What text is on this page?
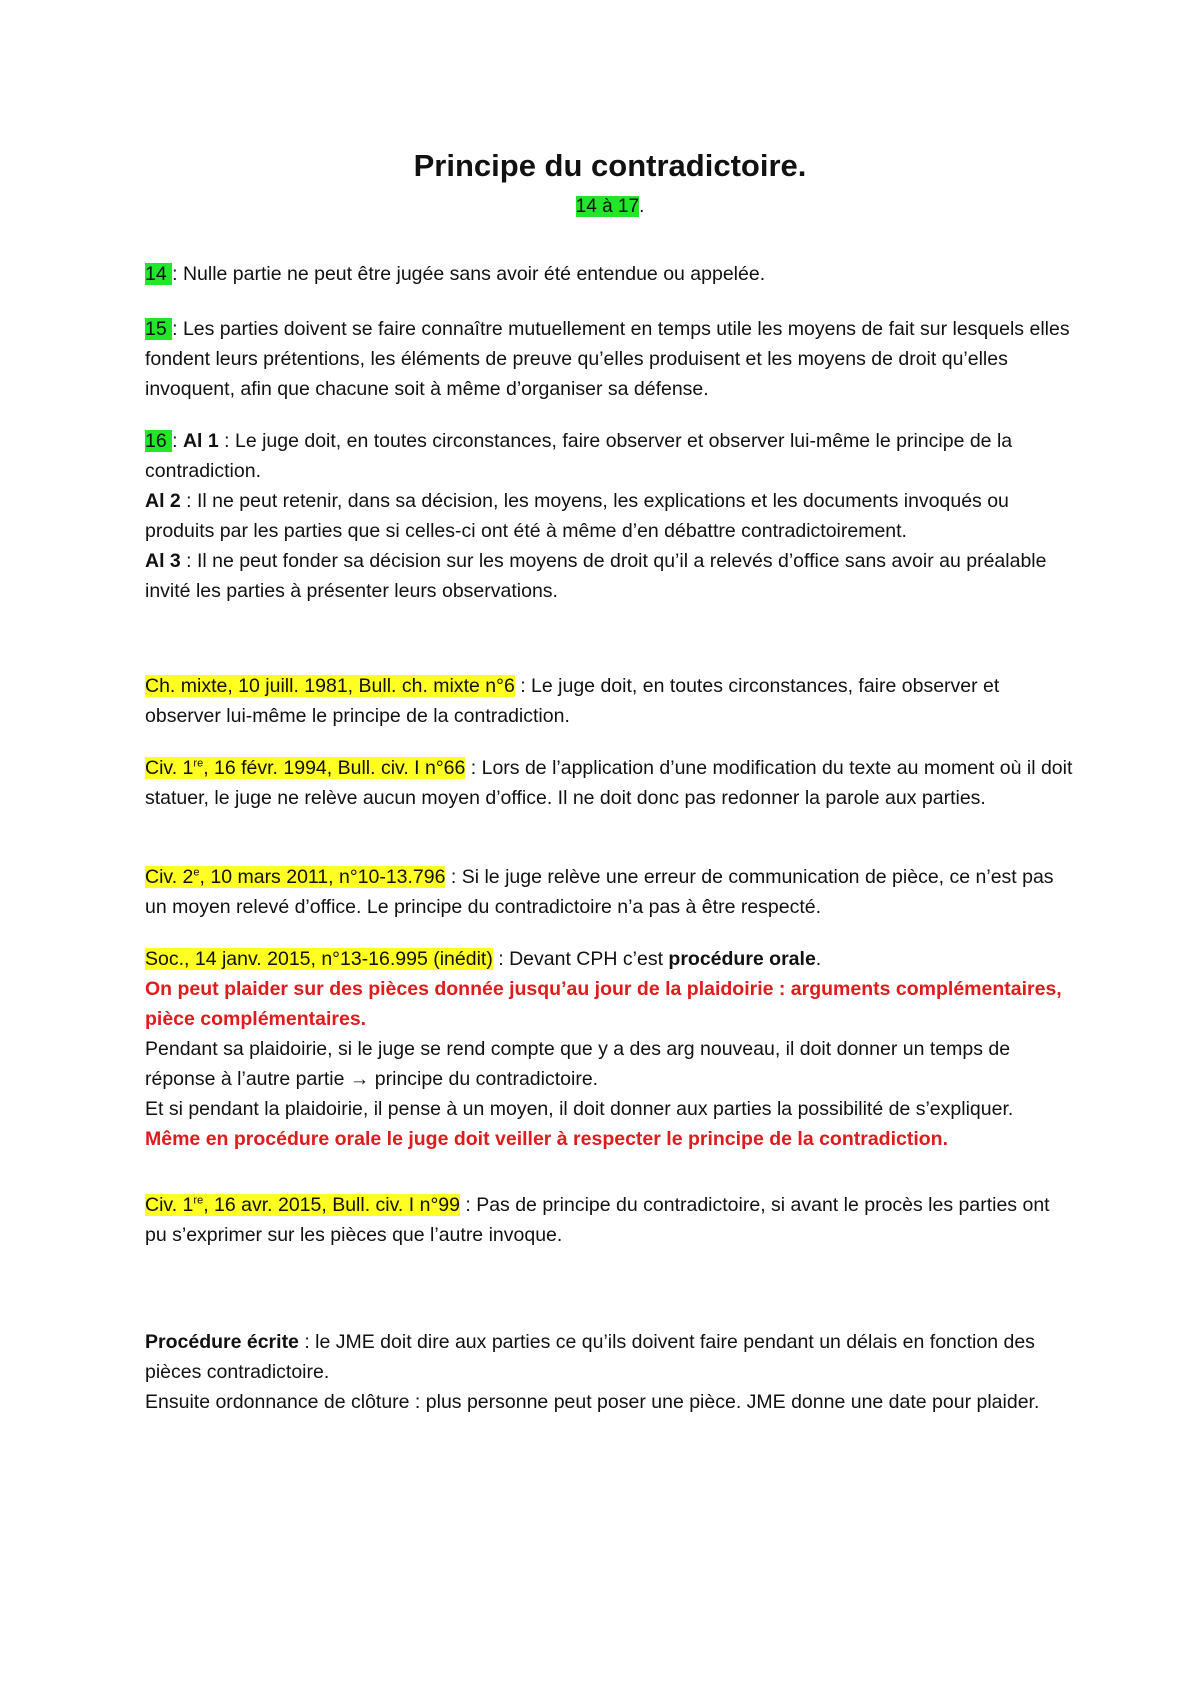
Principe du contradictoire.
14 à 17.

14 : Nulle partie ne peut être jugée sans avoir été entendue ou appelée.

15 : Les parties doivent se faire connaître mutuellement en temps utile les moyens de fait sur lesquels elles fondent leurs prétentions, les éléments de preuve qu’elles produisent et les moyens de droit qu’elles invoquent, afin que chacune soit à même d’organiser sa défense.

16 : Al 1 : Le juge doit, en toutes circonstances, faire observer et observer lui-même le principe de la contradiction.
Al 2 : Il ne peut retenir, dans sa décision, les moyens, les explications et les documents invoqués ou produits par les parties que si celles-ci ont été à même d’en débattre contradictoirement.
Al 3 : Il ne peut fonder sa décision sur les moyens de droit qu’il a relevés d’office sans avoir au préalable invité les parties à présenter leurs observations.

Ch. mixte, 10 juill. 1981, Bull. ch. mixte n°6 : Le juge doit, en toutes circonstances, faire observer et observer lui-même le principe de la contradiction.

Civ. 1re, 16 févr. 1994, Bull. civ. I n°66 : Lors de l’application d’une modification du texte au moment où il doit statuer, le juge ne relève aucun moyen d’office. Il ne doit donc pas redonner la parole aux parties.

Civ. 2e, 10 mars 2011, n°10-13.796 : Si le juge relève une erreur de communication de pièce, ce n’est pas un moyen relevé d’office. Le principe du contradictoire n’a pas à être respecté.

Soc., 14 janv. 2015, n°13-16.995 (inédit) : Devant CPH c’est procédure orale.
On peut plaider sur des pièces donnée jusqu’au jour de la plaidoirie : arguments complémentaires, pièce complémentaires.
Pendant sa plaidoirie, si le juge se rend compte que y a des arg nouveau, il doit donner un temps de réponse à l’autre partie → principe du contradictoire.
Et si pendant la plaidoirie, il pense à un moyen, il doit donner aux parties la possibilité de s’expliquer.
Même en procédure orale le juge doit veiller à respecter le principe de la contradiction.

Civ. 1re, 16 avr. 2015, Bull. civ. I n°99 : Pas de principe du contradictoire, si avant le procès les parties ont pu s’exprimer sur les pièces que l’autre invoque.

Procédure écrite : le JME doit dire aux parties ce qu’ils doivent faire pendant un délais en fonction des pièces contradictoire.
Ensuite ordonnance de clôture : plus personne peut poser une pièce. JME donne une date pour plaider.
